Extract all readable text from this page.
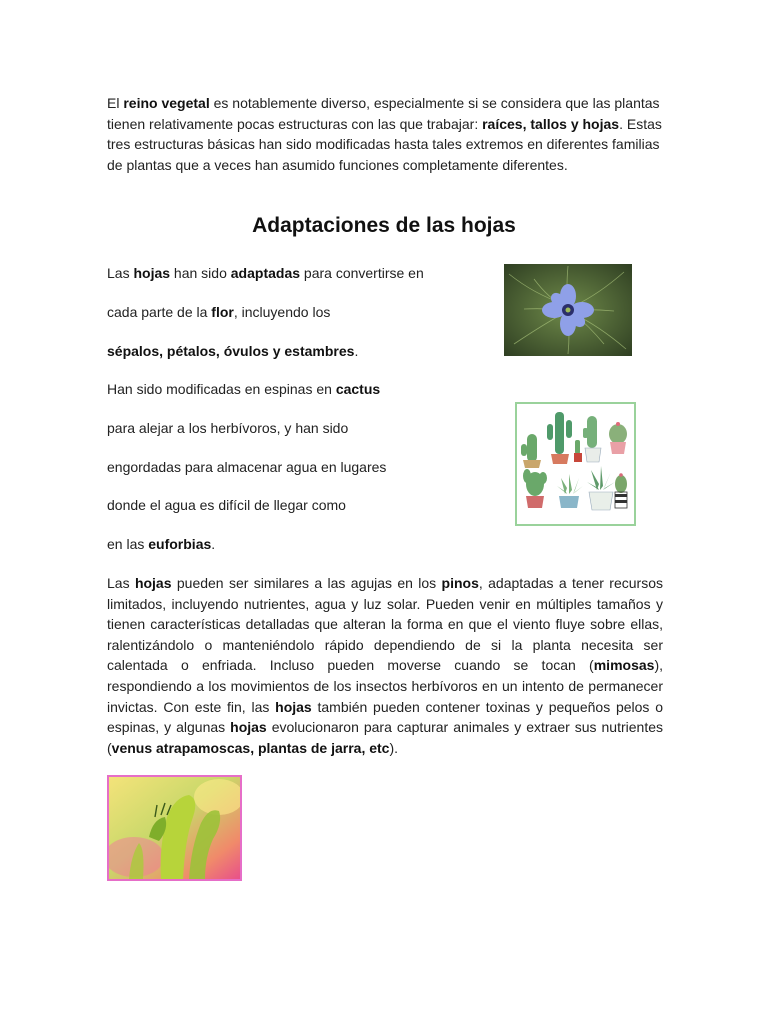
El reino vegetal es notablemente diverso, especialmente si se considera que las plantas tienen relativamente pocas estructuras con las que trabajar: raíces, tallos y hojas. Estas tres estructuras básicas han sido modificadas hasta tales extremos en diferentes familias de plantas que a veces han asumido funciones completamente diferentes.

Adaptaciones de las hojas

Las hojas han sido adaptadas para convertirse en

cada parte de la flor, incluyendo los

sépalos, pétalos, óvulos y estambres.

Han sido modificadas en espinas en cactus

para alejar a los herbívoros, y han sido

engordadas para almacenar agua en lugares

donde el agua es difícil de llegar como

en las euforbias.

Las hojas pueden ser similares a las agujas en los pinos, adaptadas a tener recursos limitados, incluyendo nutrientes, agua y luz solar. Pueden venir en múltiples tamaños y tienen características detalladas que alteran la forma en que el viento fluye sobre ellas, ralentizándolo o manteniéndolo rápido dependiendo de si la planta necesita ser calentada o enfriada. Incluso pueden moverse cuando se tocan (mimosas), respondiendo a los movimientos de los insectos herbívoros en un intento de permanecer invictas. Con este fin, las hojas también pueden contener toxinas y pequeños pelos o espinas, y algunas hojas evolucionaron para capturar animales y extraer sus nutrientes (venus atrapamoscas, plantas de jarra, etc).
